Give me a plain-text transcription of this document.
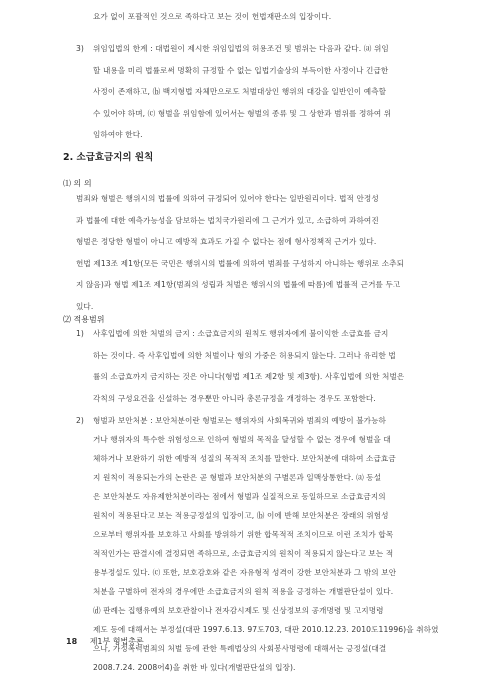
요가 없이 포괄적인 것으로 족하다고 보는 것이 헌법재판소의 입장이다.
3) 위임입법의 한계 : 대법원이 제시한 위임입법의 허용조건 및 범위는 다음과 같다. ⒜ 위임
할 내용을 미리 법률로써 명확히 규정할 수 없는 입법기술상의 부득이한 사정이나 긴급한
사정이 존재하고, ⒝ 백지형법 자체만으로도 처벌대상인 행위의 대강을 일반인이 예측할
수 있어야 하며, ⒞ 형벌을 위임함에 있어서는 형벌의 종류 및 그 상한과 범위를 정하여 위
임하여야 한다.
2. 소급효금지의 원칙
⑴ 의 의
범죄와 형벌은 행위시의 법률에 의하여 규정되어 있어야 한다는 일반원리이다. 법적 안정성
과 법률에 대한 예측가능성을 담보하는 법치국가원리에 그 근거가 있고, 소급하여 과하여진
형벌은 정당한 형벌이 아니고 예방적 효과도 가질 수 없다는 점에 형사정책적 근거가 있다.
헌법 제13조 제1항(모든 국민은 행위시의 법률에 의하여 범죄를 구성하지 아니하는 행위로 소추되
지 않음)과 형법 제1조 제1항(범죄의 성립과 처벌은 행위시의 법률에 따름)에 법률적 근거를 두고
있다.
⑵ 적용범위
1) 사후입법에 의한 처벌의 금지 : 소급효금지의 원칙도 행위자에게 불이익한 소급효를 금지
하는 것이다. 즉 사후입법에 의한 처벌이나 형의 가중은 허용되지 않는다. 그러나 유리한 법
률의 소급효까지 금지하는 것은 아니다(형법 제1조 제2항 및 제3항). 사후입법에 의한 처벌은
각칙의 구성요건을 신설하는 경우뿐만 아니라 총론규정을 개정하는 경우도 포함한다.
2) 형벌과 보안처분 : 보안처분이란 형벌로는 행위자의 사회복귀와 범죄의 예방이 불가능하
거나 행위자의 특수한 위험성으로 인하여 형벌의 목적을 달성할 수 없는 경우에 형벌을 대
체하거나 보완하기 위한 예방적 성질의 목적적 조치를 말한다. 보안처분에 대하여 소급효금
지 원칙이 적용되는가의 논란은 곧 형벌과 보안처분의 구별론과 일맥상통한다. ⒜ 동설
은 보안처분도 자유제한처분이라는 점에서 형벌과 실질적으로 동일하므로 소급효금지의
원칙이 적용된다고 보는 적용긍정설의 입장이고, ⒝ 이에 반해 보안처분은 장래의 위험성
으로부터 행위자를 보호하고 사회를 방위하기 위한 합목적적 조치이므로 이런 조치가 합목
적적인가는 판결시에 결정되면 족하므로, 소급효금지의 원칙이 적용되지 않는다고 보는 적
용부정설도 있다. ⒞ 또한, 보호감호와 같은 자유형적 성격이 강한 보안처분과 그 밖의 보안
처분을 구별하여 전자의 경우에만 소급효금지의 원칙 적용을 긍정하는 개별판단설이 있다.
⒟ 판례는 집행유예의 보호관찰이나 전자감시제도 및 신상정보의 공개명령 및 고지명령
제도 등에 대해서는 부정설(대판 1997.6.13. 97도703, 대판 2010.12.23. 2010도11996)을 취하였
으나, 가정폭력범죄의 처벌 등에 관한 특례법상의 사회봉사명령에 대해서는 긍정설(대결
2008.7.24. 2008어4)을 취한 바 있다(개별판단설의 입장).
18 제1부 형법총론
